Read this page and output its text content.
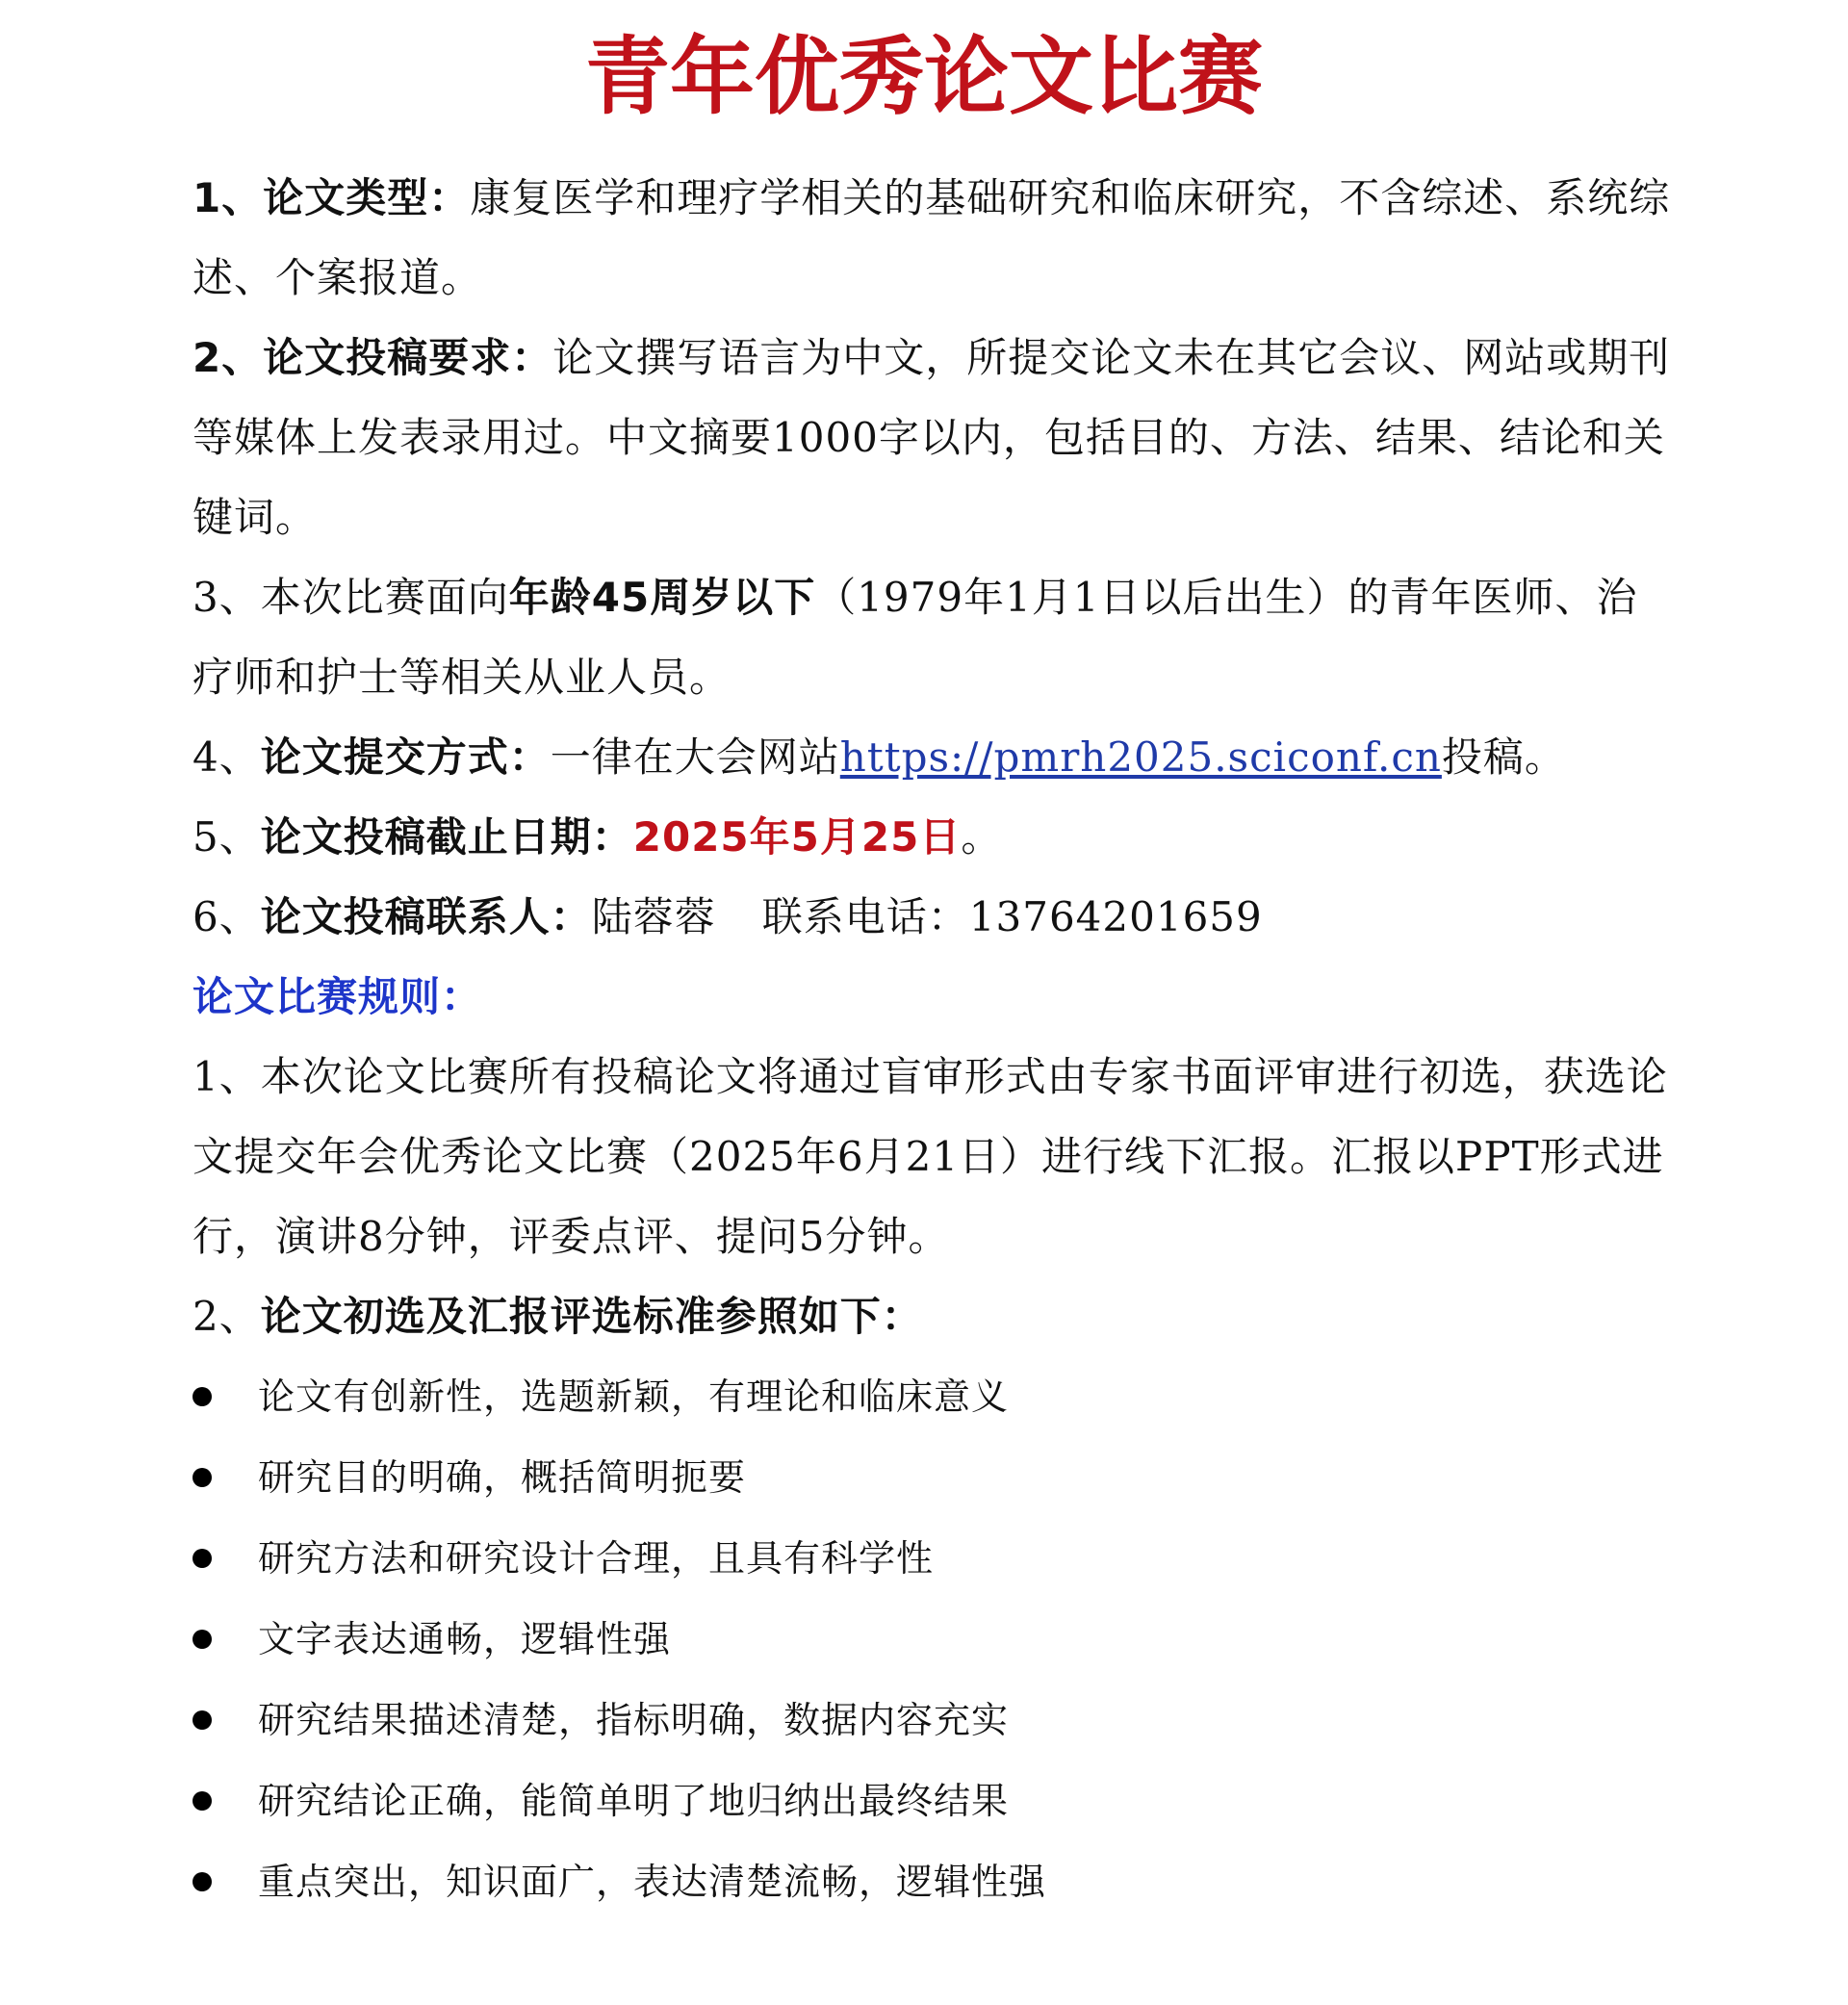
青年优秀论文比赛

1、论文类型：康复医学和理疗学相关的基础研究和临床研究，不含综述、系统综述、个案报道。

2、论文投稿要求：论文撰写语言为中文，所提交论文未在其它会议、网站或期刊等媒体上发表录用过。中文摘要1000字以内，包括目的、方法、结果、结论和关键词。

3、本次比赛面向年龄45周岁以下（1979年1月1日以后出生）的青年医师、治疗师和护士等相关从业人员。

4、论文提交方式：一律在大会网站https://pmrh2025.sciconf.cn投稿。

5、论文投稿截止日期：2025年5月25日。

6、论文投稿联系人：陆蓉蓉 联系电话：13764201659

论文比赛规则：

1、本次论文比赛所有投稿论文将通过盲审形式由专家书面评审进行初选，获选论文提交年会优秀论文比赛（2025年6月21日）进行线下汇报。汇报以PPT形式进行，演讲8分钟，评委点评、提问5分钟。

2、论文初选及汇报评选标准参照如下：

论文有创新性，选题新颖，有理论和临床意义
研究目的明确，概括简明扼要
研究方法和研究设计合理，且具有科学性
文字表达通畅，逻辑性强
研究结果描述清楚，指标明确，数据内容充实
研究结论正确，能简单明了地归纳出最终结果
重点突出，知识面广，表达清楚流畅，逻辑性强
